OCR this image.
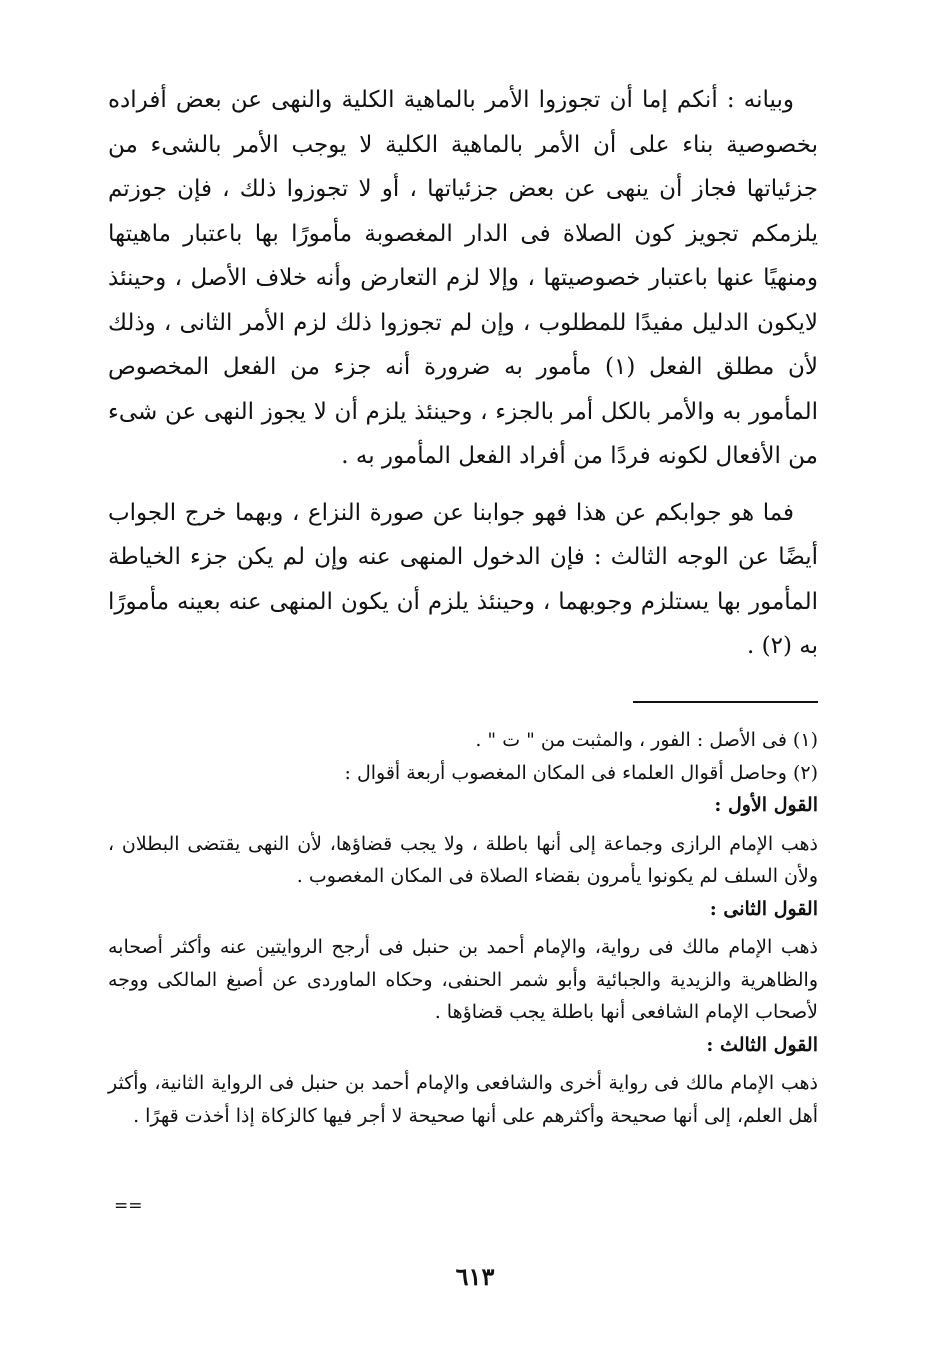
وبيانه : أنكم إما أن تجوزوا الأمر بالماهية الكلية والنهى عن بعض أفراده بخصوصية بناء على أن الأمر بالماهية الكلية لا يوجب الأمر بالشىء من جزئياتها فجاز أن ينهى عن بعض جزئياتها ، أو لا تجوزوا ذلك ، فإن جوزتم يلزمكم تجويز كون الصلاة فى الدار المغصوبة مأمورًا بها باعتبار ماهيتها ومنهيًا عنها باعتبار خصوصيتها ، وإلا لزم التعارض وأنه خلاف الأصل ، وحينئذ لايكون الدليل مفيدًا للمطلوب ، وإن لم تجوزوا ذلك لزم الأمر الثانى ، وذلك لأن مطلق الفعل (١) مأمور به ضرورة أنه جزء من الفعل المخصوص المأمور به والأمر بالكل أمر بالجزء ، وحينئذ يلزم أن لا يجوز النهى عن شىء من الأفعال لكونه فردًا من أفراد الفعل المأمور به .

فما هو جوابكم عن هذا فهو جوابنا عن صورة النزاع ، وبهما خرج الجواب أيضًا عن الوجه الثالث : فإن الدخول المنهى عنه وإن لم يكن جزء الخياطة المأمور بها يستلزم وجوبهما ، وحينئذ يلزم أن يكون المنهى عنه بعينه مأمورًا به (٢) .

(١) فى الأصل : الفور ، والمثبت من " ت " .

(٢) وحاصل أقوال العلماء فى المكان المغصوب أربعة أقوال :

القول الأول :

ذهب الإمام الرازى وجماعة إلى أنها باطلة ، ولا يجب قضاؤها، لأن النهى يقتضى البطلان ، ولأن السلف لم يكونوا يأمرون بقضاء الصلاة فى المكان المغصوب .

القول الثانى :

ذهب الإمام مالك فى رواية، والإمام أحمد بن حنبل فى أرجح الروايتين عنه وأكثر أصحابه والظاهرية والزيدية والجبائية وأبو شمر الحنفى، وحكاه الماوردى عن أصبغ المالكى ووجه لأصحاب الإمام الشافعى أنها باطلة يجب قضاؤها .

القول الثالث :

ذهب الإمام مالك فى رواية أخرى والشافعى والإمام أحمد بن حنبل فى الرواية الثانية، وأكثر أهل العلم، إلى أنها صحيحة وأكثرهم على أنها صحيحة لا أجر فيها كالزكاة إذا أخذت قهرًا .

==
٦١٣
